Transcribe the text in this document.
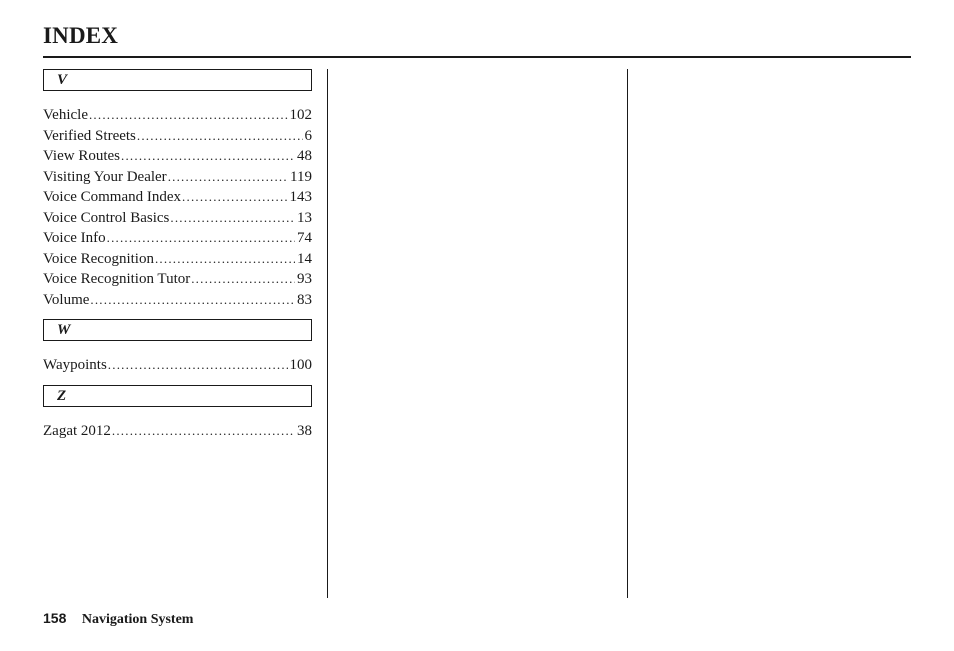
INDEX
V
Vehicle .....	102
Verified Streets .....	6
View Routes .....	48
Visiting Your Dealer .....	119
Voice Command Index .....	143
Voice Control Basics .....	13
Voice Info .....	74
Voice Recognition .....	14
Voice Recognition Tutor .....	93
Volume .....	83
W
Waypoints .....	100
Z
Zagat 2012 .....	38
158 Navigation System
